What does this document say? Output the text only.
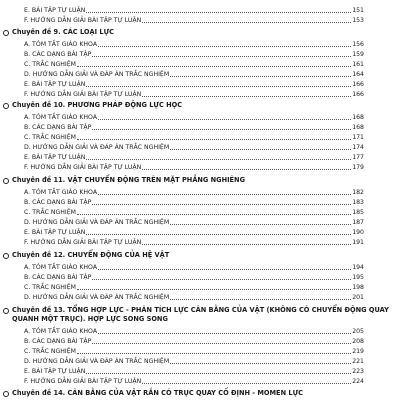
E. BÀI TẬP TỰ LUẬN	151
F. HƯỚNG DẪN GIẢI BÀI TẬP TỰ LUẬN	153
Chuyên đề 9. CÁC LOẠI LỰC
A. TÓM TẮT GIÁO KHOA	156
B. CÁC DẠNG BÀI TẬP	159
C. TRẮC NGHIỆM	161
D. HƯỚNG DẪN GIẢI VÀ ĐÁP ÁN TRẮC NGHIỆM	164
E. BÀI TẬP TỰ LUẬN	166
F. HƯỚNG DẪN GIẢI BÀI TẬP TỰ LUẬN	166
Chuyên đề 10. PHƯƠNG PHÁP ĐỘNG LỰC HỌC
A. TÓM TẮT GIÁO KHOA	168
B. CÁC DẠNG BÀI TẬP	168
C. TRẮC NGHIỆM	171
D. HƯỚNG DẪN GIẢI VÀ ĐÁP ÁN TRẮC NGHIỆM	174
E. BÀI TẬP TỰ LUẬN	177
F. HƯỚNG DẪN GIẢI BÀI TẬP TỰ LUẬN	179
Chuyên đề 11. VẬT CHUYỂN ĐỘNG TRÊN MẶT PHẲNG NGHIÊNG
A. TÓM TẮT GIÁO KHOA	182
B. CÁC DẠNG BÀI TẬP	183
C. TRẮC NGHIỆM	185
D. HƯỚNG DẪN GIẢI VÀ ĐÁP ÁN TRẮC NGHIỆM	187
E. BÀI TẬP TỰ LUẬN	190
F. HƯỚNG DẪN GIẢI BÀI TẬP TỰ LUẬN	191
Chuyên đề 12. CHUYỂN ĐỘNG CỦA HỆ VẬT
A. TÓM TẮT GIÁO KHOA	194
B. CÁC DẠNG BÀI TẬP	195
C. TRẮC NGHIỆM	198
D. HƯỚNG DẪN GIẢI VÀ ĐÁP ÁN TRẮC NGHIỆM	201
Chuyên đề 13. TỔNG HỢP LỰC - PHÂN TÍCH LỰC CÂN BẰNG CỦA VẬT (KHÔNG CÓ CHUYỂN ĐỘNG QUAY QUANH MỘT TRỤC). HỢP LỰC SONG SONG
A. TÓM TẮT GIÁO KHOA	205
B. CÁC DẠNG BÀI TẬP	208
C. TRẮC NGHIỆM	219
D. HƯỚNG DẪN GIẢI VÀ ĐÁP ÁN TRẮC NGHIỆM	221
E. BÀI TẬP TỰ LUẬN	223
F. HƯỚNG DẪN GIẢI BÀI TẬP TỰ LUẬN	224
Chuyên đề 14. CÂN BẰNG CỦA VẬT RẮN CÓ TRỤC QUAY CỐ ĐỊNH - MOMEN LỰC
